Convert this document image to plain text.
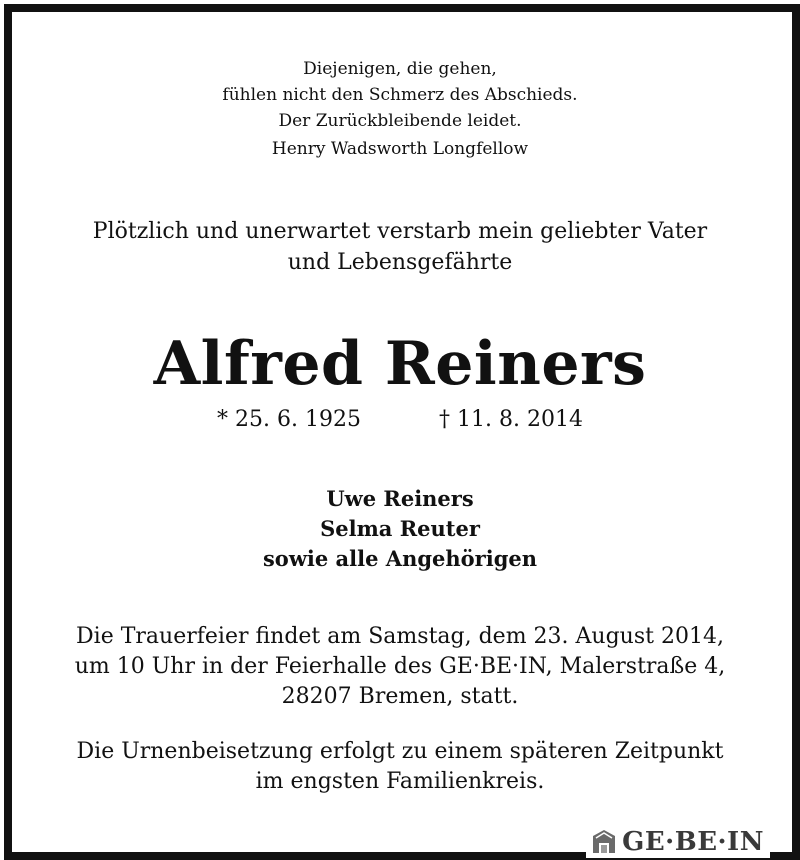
Diejenigen, die gehen,
fühlen nicht den Schmerz des Abschieds.
Der Zurückbleibende leidet.
Henry Wadsworth Longfellow
Plötzlich und unerwartet verstarb mein geliebter Vater
und Lebensgefährte
Alfred Reiners
* 25. 6. 1925	† 11. 8. 2014
Uwe Reiners
Selma Reuter
sowie alle Angehörigen
Die Trauerfeier findet am Samstag, dem 23. August 2014,
um 10 Uhr in der Feierhalle des GE·BE·IN, Malerstraße 4,
28207 Bremen, statt.
Die Urnenbeisetzung erfolgt zu einem späteren Zeitpunkt
im engsten Familienkreis.
GE·BE·IN
